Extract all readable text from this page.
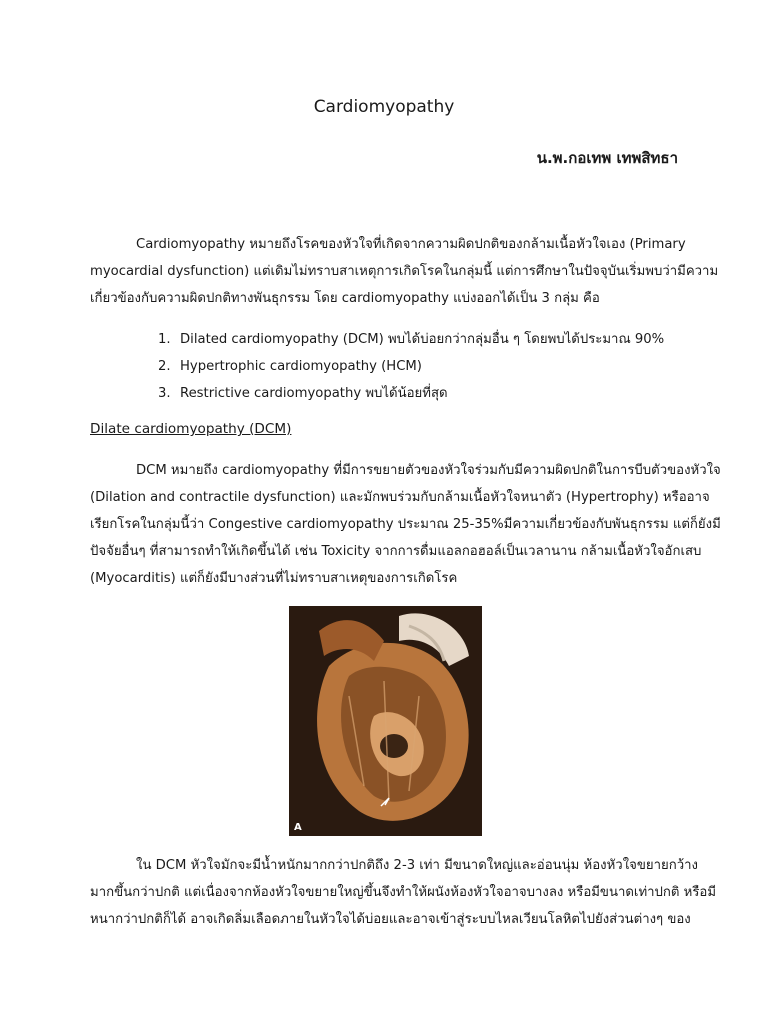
Cardiomyopathy
น.พ.กอเทพ เทพสิทธา

Cardiomyopathy หมายถึงโรคของหัวใจที่เกิดจากความผิดปกติของกล้ามเนื้อหัวใจเอง (Primary
myocardial dysfunction) แต่เดิมไม่ทราบสาเหตุการเกิดโรคในกลุ่มนี้ แต่การศึกษาในปัจจุบันเริ่มพบว่ามีความ
เกี่ยวข้องกับความผิดปกติทางพันธุกรรม โดย cardiomyopathy แบ่งออกได้เป็น 3 กลุ่ม คือ

1. Dilated cardiomyopathy (DCM) พบได้บ่อยกว่ากลุ่มอื่น ๆ โดยพบได้ประมาณ 90%
2. Hypertrophic cardiomyopathy (HCM)
3. Restrictive cardiomyopathy พบได้น้อยที่สุด
Dilate cardiomyopathy (DCM)

DCM หมายถึง cardiomyopathy ที่มีการขยายตัวของหัวใจร่วมกับมีความผิดปกติในการบีบตัวของหัวใจ
(Dilation and contractile dysfunction) และมักพบร่วมกับกล้ามเนื้อหัวใจหนาตัว (Hypertrophy) หรืออาจ
เรียกโรคในกลุ่มนี้ว่า Congestive cardiomyopathy ประมาณ 25-35%มีความเกี่ยวข้องกับพันธุกรรม แต่ก็ยังมี
ปัจจัยอื่นๆ ที่สามารถทำให้เกิดขึ้นได้ เช่น Toxicity จากการดื่มแอลกอฮอล์เป็นเวลานาน กล้ามเนื้อหัวใจอักเสบ
(Myocarditis) แต่ก็ยังมีบางส่วนที่ไม่ทราบสาเหตุของการเกิดโรค

A

ใน DCM หัวใจมักจะมีน้ำหนักมากกว่าปกติถึง 2-3 เท่า มีขนาดใหญ่และอ่อนนุ่ม ห้องหัวใจขยายกว้าง
มากขึ้นกว่าปกติ แต่เนื่องจากห้องหัวใจขยายใหญ่ขึ้นจึงทำให้ผนังห้องหัวใจอาจบางลง หรือมีขนาดเท่าปกติ หรือมี
หนากว่าปกติก็ได้ อาจเกิดลิ่มเลือดภายในหัวใจได้บ่อยและอาจเข้าสู่ระบบไหลเวียนโลหิตไปยังส่วนต่างๆ ของ
